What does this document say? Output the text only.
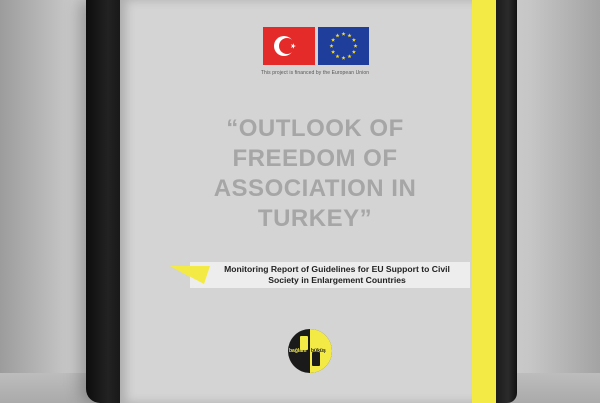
This project is financed by the European Union
“OUTLOOK OF
FREEDOM OF
ASSOCIATION IN
TURKEY”
Monitoring Report of Guidelines for EU Support to Civil
Society in Enlargement Countries
bağlam büküş
